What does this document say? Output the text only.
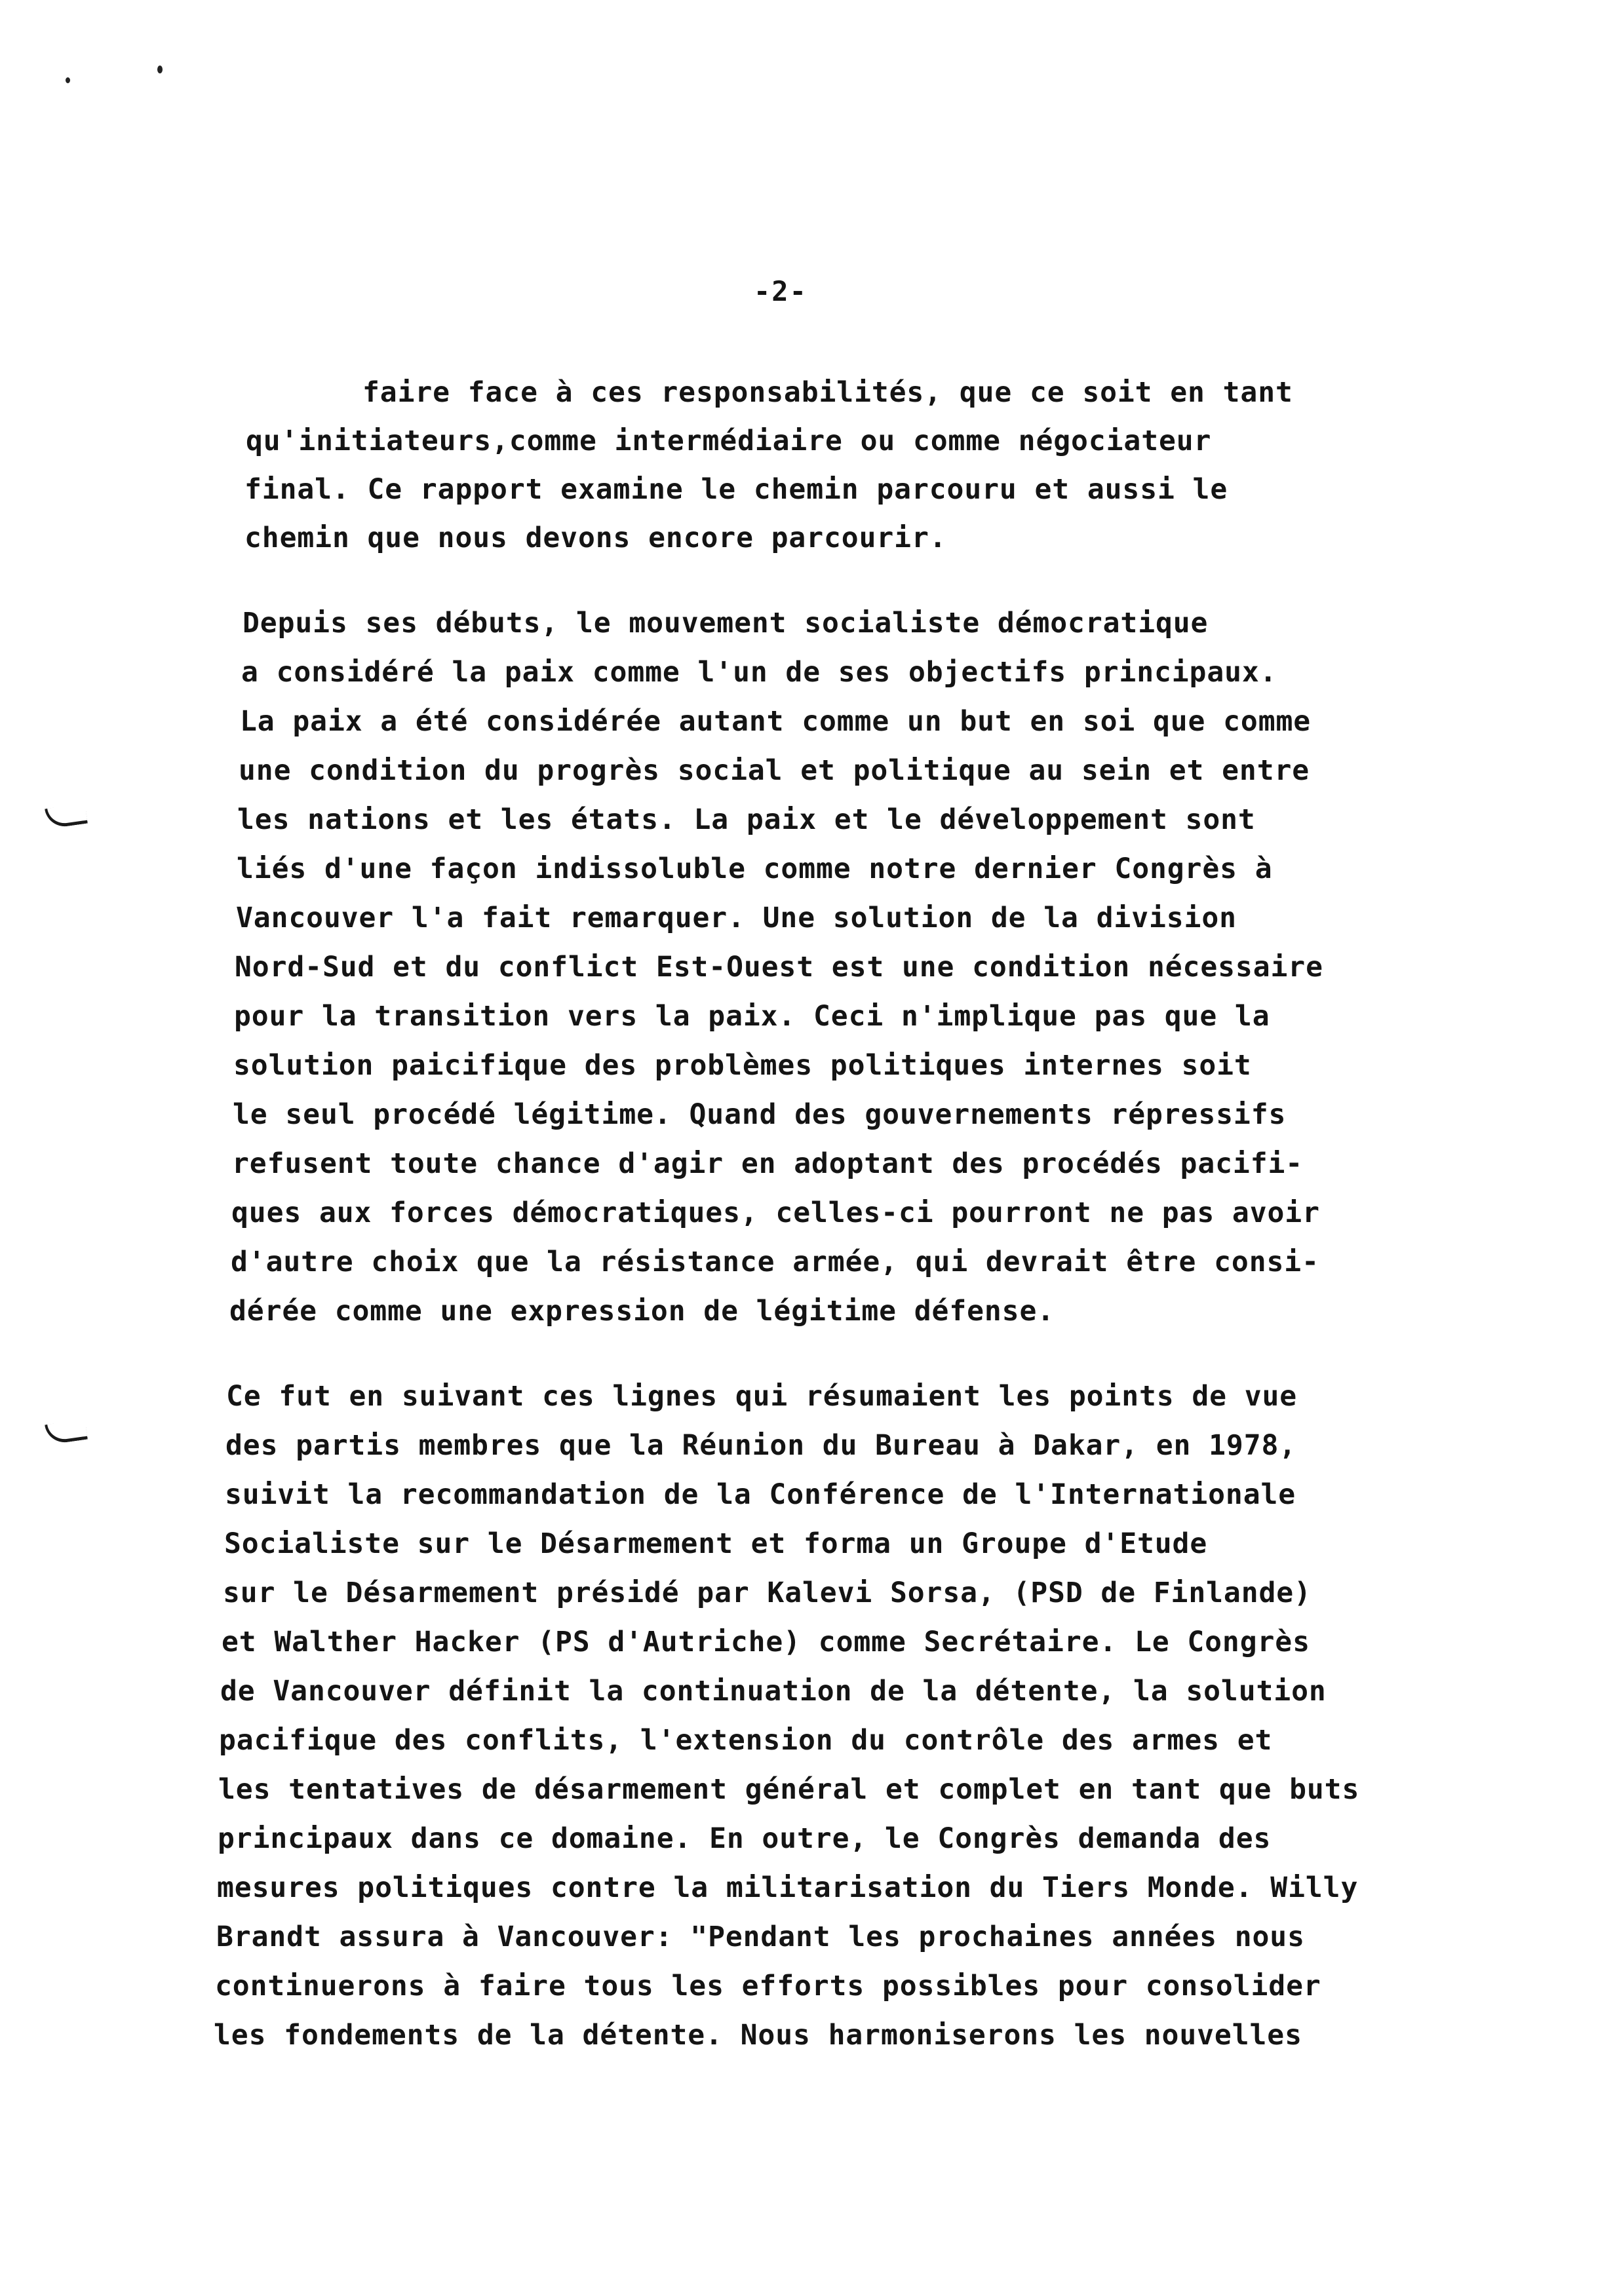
-2-
faire face à ces responsabilités, que ce soit en tant
qu'initiateurs,comme intermédiaire ou comme négociateur
final. Ce rapport examine le chemin parcouru et aussi le
chemin que nous devons encore parcourir.
Depuis ses débuts, le mouvement socialiste démocratique
a considéré la paix comme l'un de ses objectifs principaux.
La paix a été considérée autant comme un but en soi que comme
une condition du progrès social et politique au sein et entre
les nations et les états. La paix et le développement sont
liés d'une façon indissoluble comme notre dernier Congrès à
Vancouver l'a fait remarquer. Une solution de la division
Nord-Sud et du conflict Est-Ouest est une condition nécessaire
pour la transition vers la paix. Ceci n'implique pas que la
solution paicifique des problèmes politiques internes soit
le seul procédé légitime. Quand des gouvernements répressifs
refusent toute chance d'agir en adoptant des procédés pacifi-
ques aux forces démocratiques, celles-ci pourront ne pas avoir
d'autre choix que la résistance armée, qui devrait être consi-
dérée comme une expression de légitime défense.
Ce fut en suivant ces lignes qui résumaient les points de vue
des partis membres que la Réunion du Bureau à Dakar, en 1978,
suivit la recommandation de la Conférence de l'Internationale
Socialiste sur le Désarmement et forma un Groupe d'Etude
sur le Désarmement présidé par Kalevi Sorsa, (PSD de Finlande)
et Walther Hacker (PS d'Autriche) comme Secrétaire. Le Congrès
de Vancouver définit la continuation de la détente, la solution
pacifique des conflits, l'extension du contrôle des armes et
les tentatives de désarmement général et complet en tant que buts
principaux dans ce domaine. En outre, le Congrès demanda des
mesures politiques contre la militarisation du Tiers Monde. Willy
Brandt assura à Vancouver: "Pendant les prochaines années nous
continuerons à faire tous les efforts possibles pour consolider
les fondements de la détente. Nous harmoniserons les nouvelles
